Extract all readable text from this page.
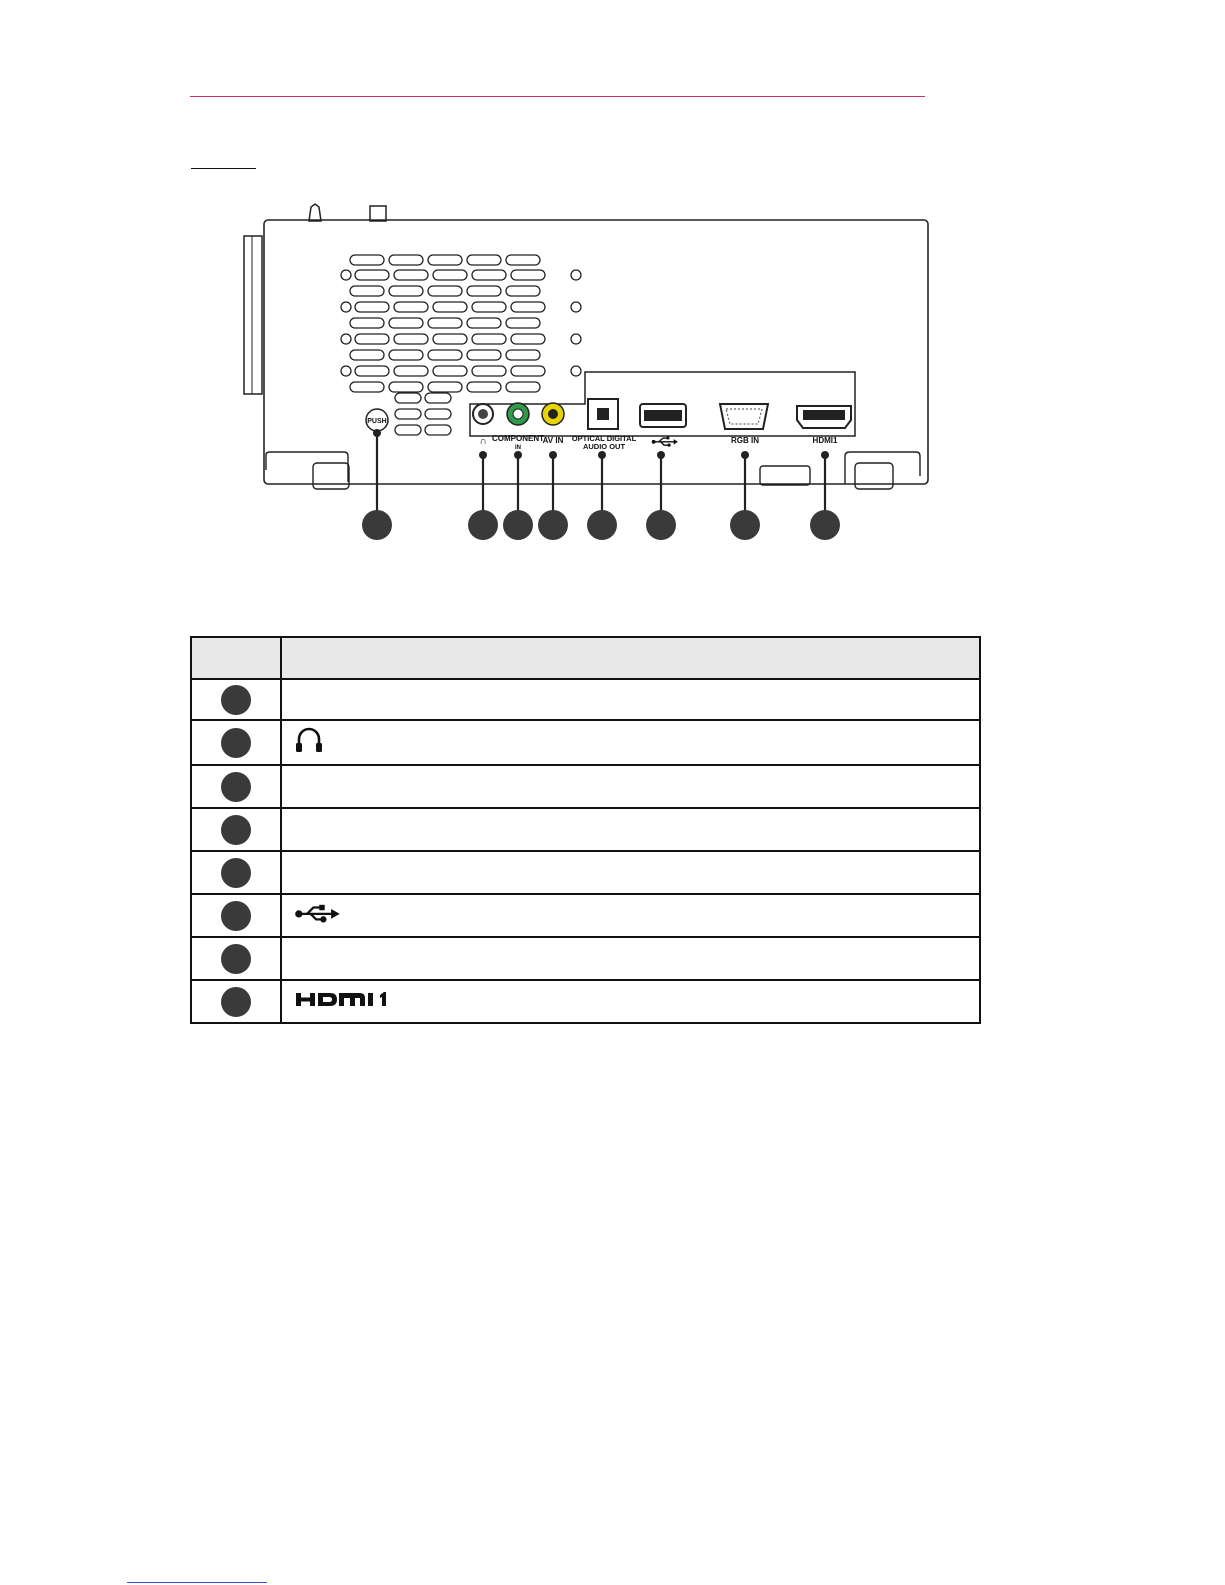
PUSH
∩ COMPONENT
IN
AV IN OPTICAL DIGITAL
AUDIO OUT
RGB IN	HDMI1
